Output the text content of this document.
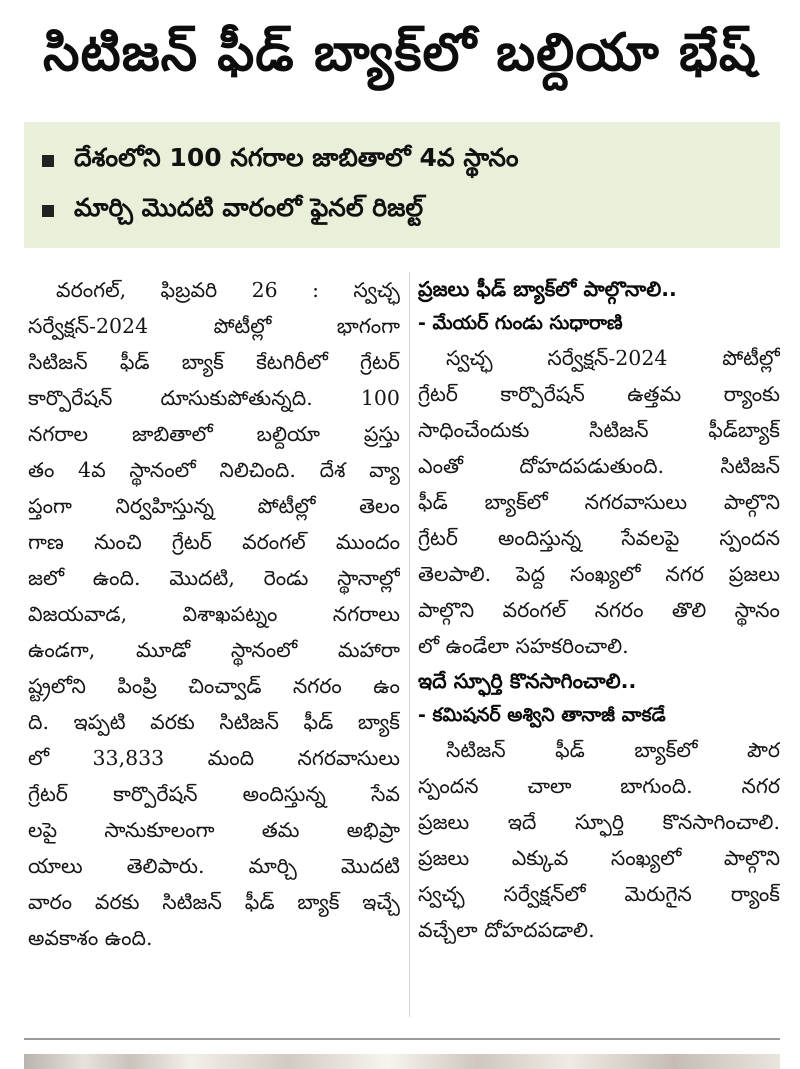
సిటిజన్ ఫీడ్ బ్యాక్‌లో బల్దియా భేష్
దేశంలోని 100 నగరాల జాబితాలో 4వ స్థానం
మార్చి మొదటి వారంలో ఫైనల్ రిజల్ట్
వరంగల్, ఫిబ్రవరి 26 : స్వచ్ఛ
సర్వేక్షన్-2024	పోటీల్లో	భాగంగా
సిటిజన్ ఫీడ్ బ్యాక్ కేటగిరీలో గ్రేటర్
కార్పొరేషన్ దూసుకుపోతున్నది. 100
నగరాల జాబితాలో బల్దియా ప్రస్తు
తం 4వ స్థానంలో నిలిచింది. దేశ వ్యా
ప్తంగా నిర్వహిస్తున్న పోటీల్లో తెలం
గాణ నుంచి గ్రేటర్ వరంగల్ ముందం
జలో ఉంది. మొదటి, రెండు స్థానాల్లో
విజయవాడ,	విశాఖపట్నం	నగరాలు
ఉండగా, మూడో స్థానంలో మహారా
ష్ట్రలోని పింప్రి చించ్వాడ్ నగరం ఉం
ది. ఇప్పటి వరకు సిటిజన్ ఫీడ్ బ్యాక్
లో 33,833 మంది నగరవాసులు
గ్రేటర్ కార్పొరేషన్ అందిస్తున్న సేవ
లపై సానుకూలంగా తమ అభిప్రా
యాలు తెలిపారు. మార్చి మొదటి
వారం వరకు సిటిజన్ ఫీడ్ బ్యాక్ ఇచ్చే
అవకాశం ఉంది.
ప్రజలు ఫీడ్ బ్యాక్‌లో పాల్గొనాలి..
- మేయర్ గుండు సుధారాణి
స్వచ్ఛ	సర్వేక్షన్-2024	పోటీల్లో
గ్రేటర్ కార్పొరేషన్ ఉత్తమ ర్యాంకు
సాధించేందుకు	సిటిజన్	ఫీడ్‌బ్యాక్
ఎంతో	దోహదపడుతుంది.	సిటిజన్
ఫీడ్ బ్యాక్‌లో నగరవాసులు పాల్గొని
గ్రేటర్ అందిస్తున్న సేవలపై స్పందన
తెలపాలి. పెద్ద సంఖ్యలో నగర ప్రజలు
పాల్గొని వరంగల్ నగరం తొలి స్థానం
లో ఉండేలా సహకరించాలి.
ఇదే స్ఫూర్తి కొనసాగించాలి..
- కమిషనర్ అశ్విని తానాజీ వాకడే
సిటిజన్ ఫీడ్ బ్యాక్‌లో పౌర
స్పందన చాలా బాగుంది. నగర
ప్రజలు ఇదే స్ఫూర్తి కొనసాగించాలి.
ప్రజలు ఎక్కువ సంఖ్యలో పాల్గొని
స్వచ్ఛ సర్వేక్షన్‌లో మెరుగైన ర్యాంక్
వచ్చేలా దోహదపడాలి.
